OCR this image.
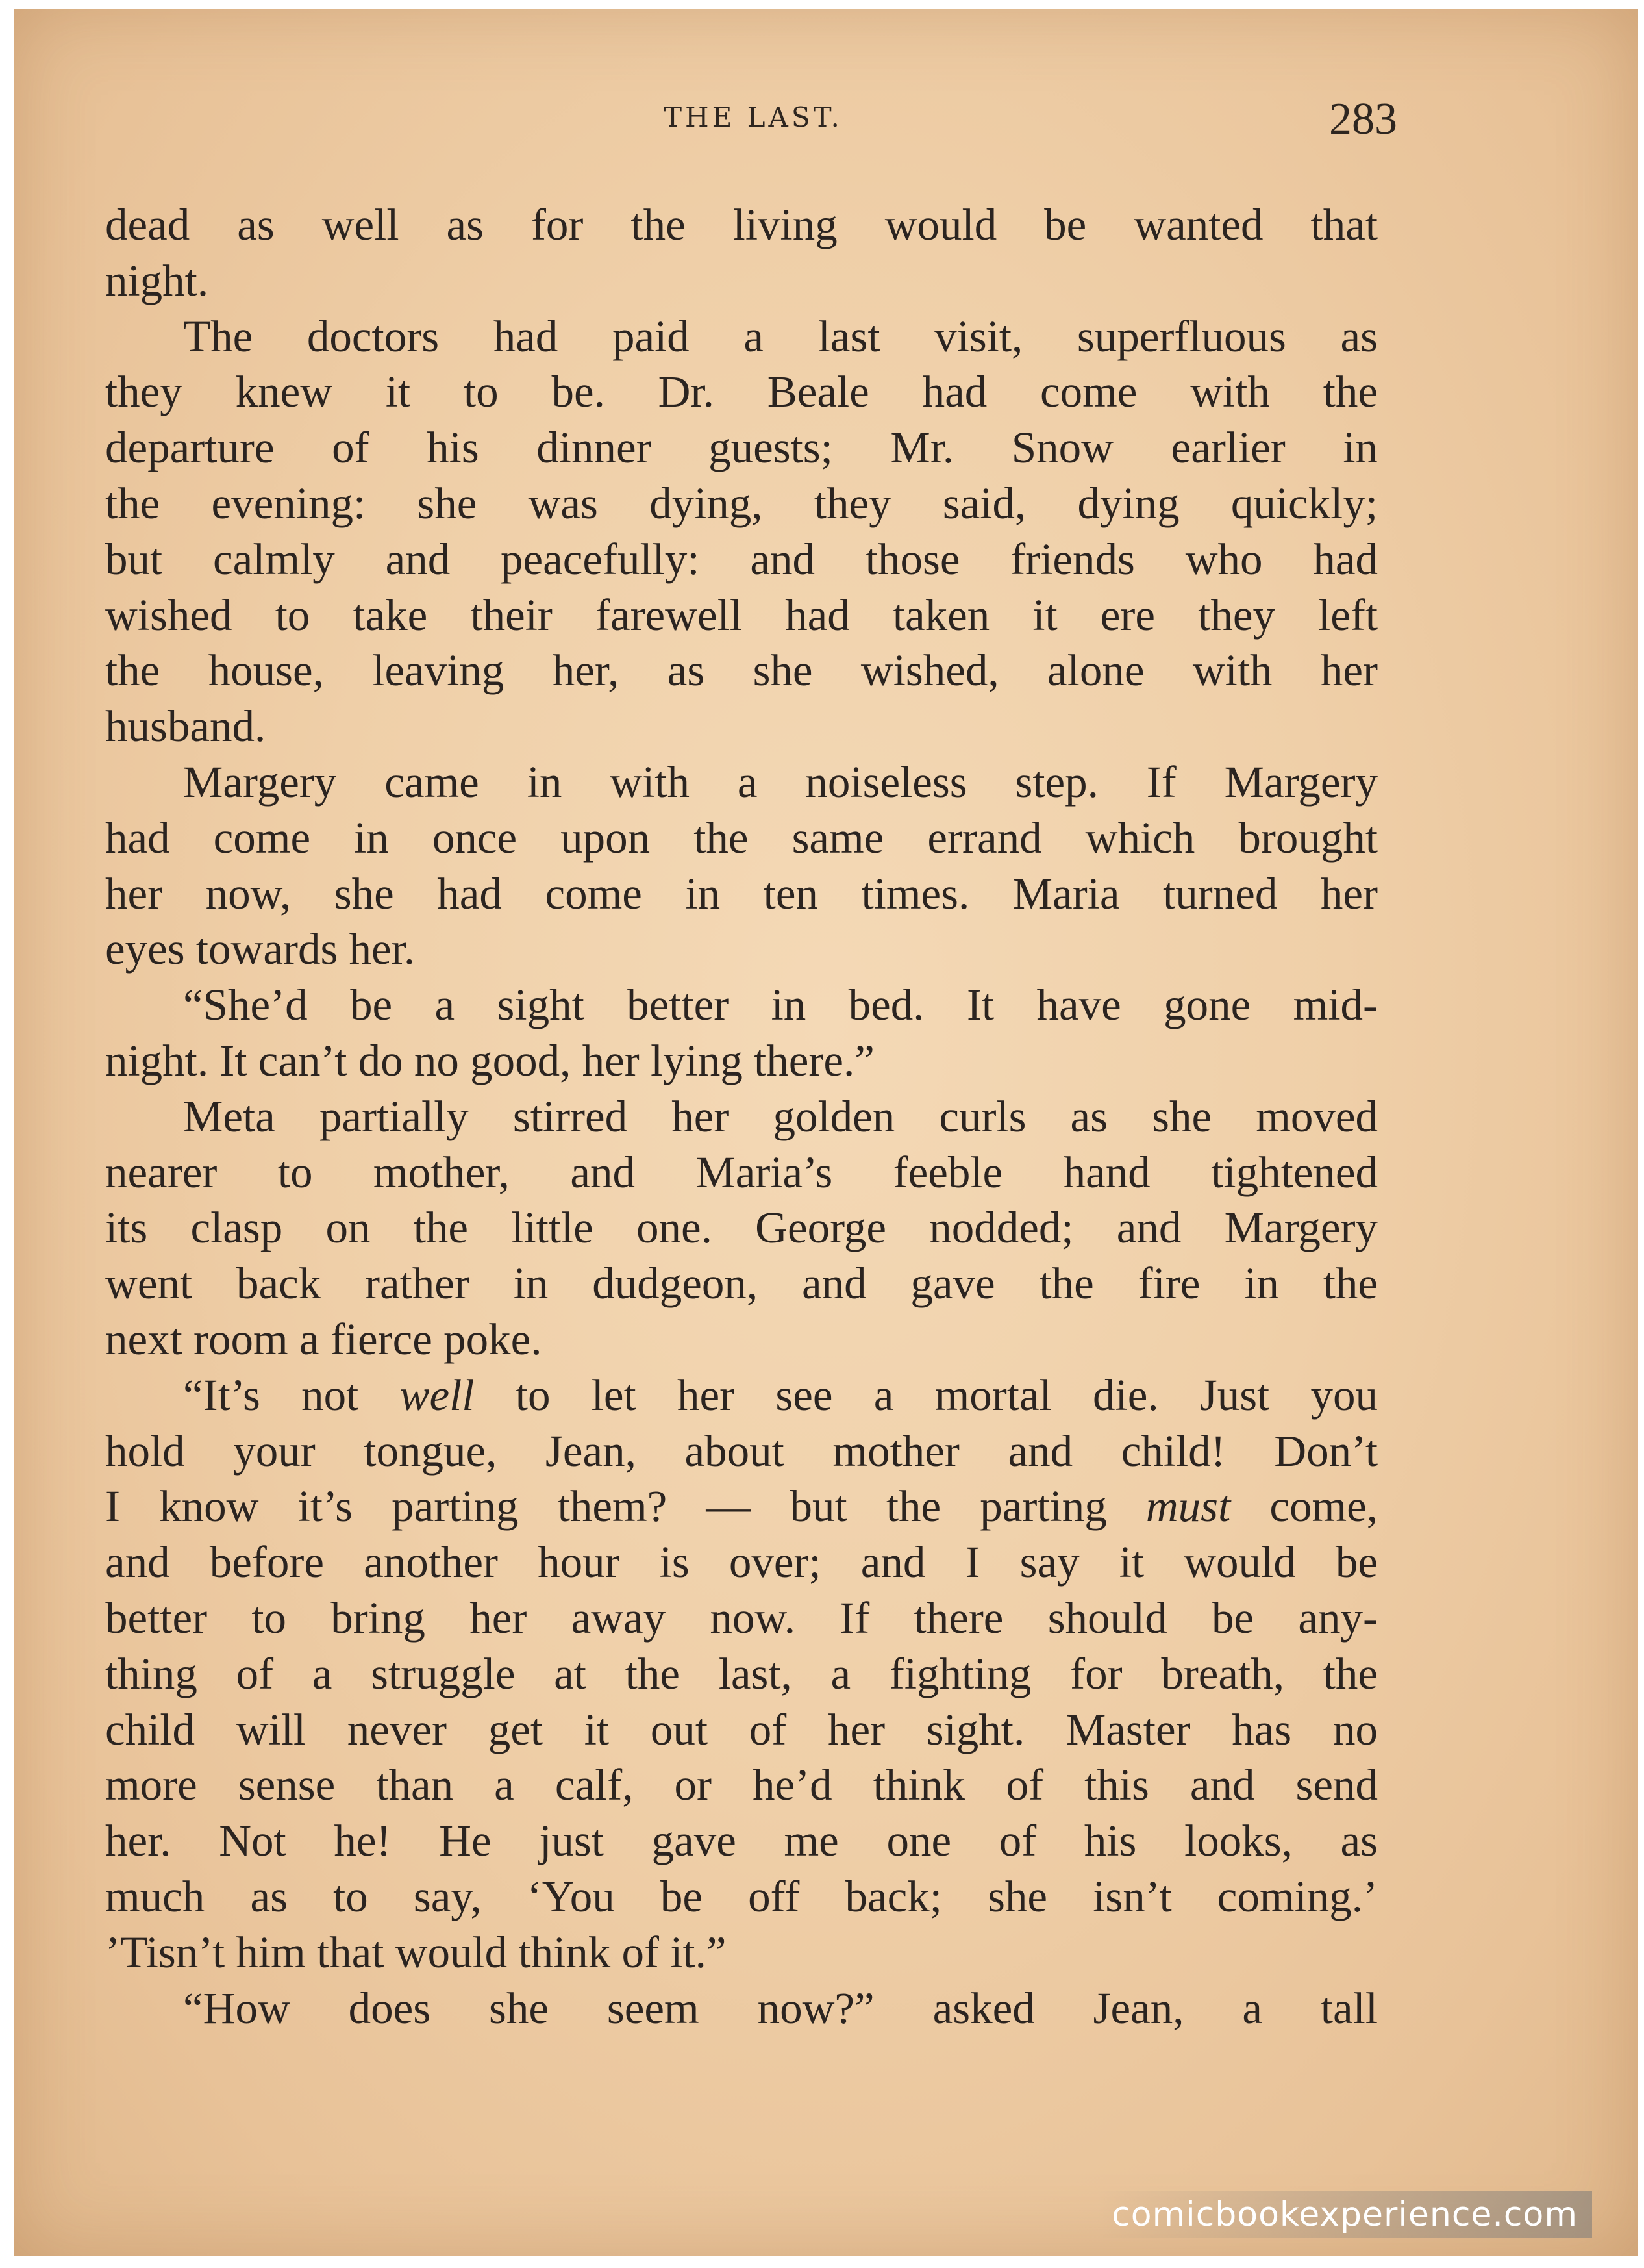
THE LAST.	283
dead as well as for the living would be wanted that
night.
The doctors had paid a last visit, superfluous as
they knew it to be. Dr. Beale had come with the
departure of his dinner guests; Mr. Snow earlier in
the evening: she was dying, they said, dying quickly;
but calmly and peacefully: and those friends who had
wished to take their farewell had taken it ere they left
the house, leaving her, as she wished, alone with her
husband.
Margery came in with a noiseless step. If Margery
had come in once upon the same errand which brought
her now, she had come in ten times. Maria turned her
eyes towards her.
“She’d be a sight better in bed. It have gone mid-
night. It can’t do no good, her lying there.”
Meta partially stirred her golden curls as she moved
nearer to mother, and Maria’s feeble hand tightened
its clasp on the little one. George nodded; and Margery
went back rather in dudgeon, and gave the fire in the
next room a fierce poke.
“It’s not well to let her see a mortal die. Just you
hold your tongue, Jean, about mother and child! Don’t
I know it’s parting them? — but the parting must come,
and before another hour is over; and I say it would be
better to bring her away now. If there should be any-
thing of a struggle at the last, a fighting for breath, the
child will never get it out of her sight. Master has no
more sense than a calf, or he’d think of this and send
her. Not he! He just gave me one of his looks, as
much as to say, ‘You be off back; she isn’t coming.’
’Tisn’t him that would think of it.”
“How does she seem now?” asked Jean, a tall
comicbookexperience.com
